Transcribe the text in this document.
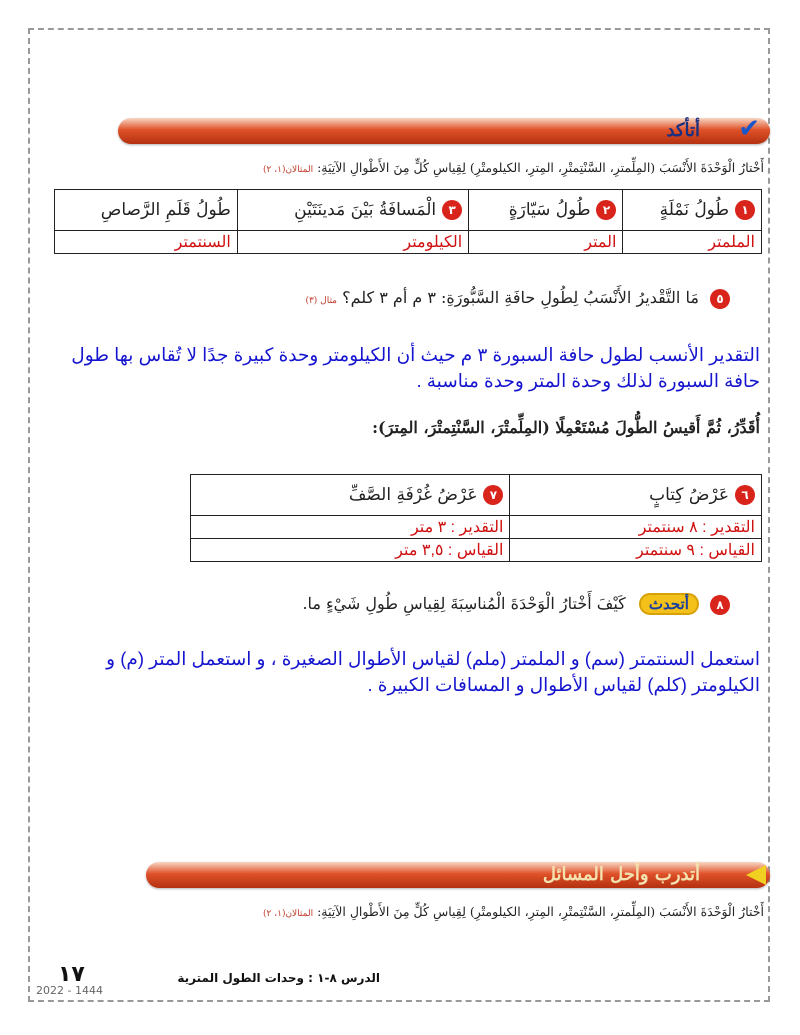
✔
أتأكد
أَخْتارُ الْوَحْدَةَ الأَنْسَبَ (المِلِّمترِ، السَّنْتِمتْرِ، المِترِ، الكيلومتْرِ) لِقِياسِ كُلٍّ مِنَ الأَطْوالِ الآتِيَةِ: المثالان(١، ٢)
١طُولُ نَمْلَةٍ	٢طُولُ سَيّارَةٍ	٣الْمَسافَةُ بَيْنَ مَدينَتَيْنِ	طُولُ قَلَمِ الرَّصاصِ
الملمتر	المتر	الكيلومتر	السنتمتر
٥ مَا التَّقْديرُ الأَنْسَبُ لِطُولِ حافَةِ السَّبُّورَةِ: ٣ م أم ٣ كلم؟ مثال (٣)
التقدير الأنسب لطول حافة السبورة ٣ م حيث أن الكيلومتر وحدة كبيرة جدًا لا تُقاس بها طول حافة السبورة لذلك وحدة المتر وحدة مناسبة .
أُقَدِّرُ، ثُمَّ أَقيسُ الطُّولَ مُسْتَعْمِلًا (المِلِّمتْرَ، السَّنْتِمتْرَ، المِترَ):
٦عَرْضُ كِتابٍ	٧عَرْضُ غُرْفَةِ الصَّفِّ
التقدير : ٨ سنتمتر	التقدير : ٣ متر
القياس : ٩ سنتمتر	القياس : ٣,٥ متر
٨ أتحدث كَيْفَ أَخْتارُ الْوَحْدَةَ الْمُناسِبَةَ لِقِياسِ طُولِ شَيْءٍ ما.
استعمل السنتمتر (سم) و الملمتر (ملم) لقياس الأطوال الصغيرة ، و استعمل المتر (م) و الكيلومتر (كلم) لقياس الأطوال و المسافات الكبيرة .
أتدرب وأحل المسائل
أَخْتارُ الْوَحْدَةَ الأَنْسَبَ (المِلِّمترِ، السَّنْتِمتْرِ، المِترِ، الكيلومتْرِ) لِقِياسِ كُلٍّ مِنَ الأَطْوالِ الآتِيَةِ: المثالان(١، ٢)
الدرس ٨-١ : وحدات الطول المترية
١٧
2022 - 1444
